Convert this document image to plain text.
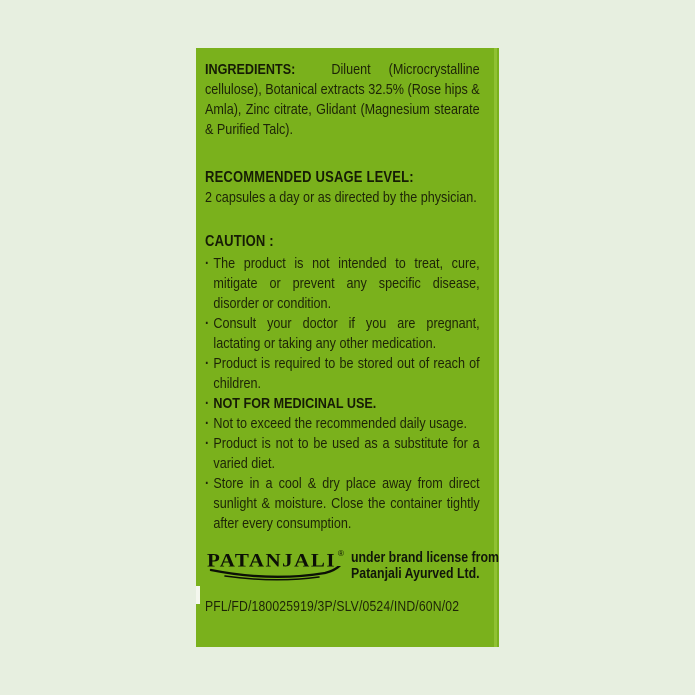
INGREDIENTS: Diluent (Microcrystalline cellulose), Botanical extracts 32.5% (Rose hips & Amla), Zinc citrate, Glidant (Magnesium stearate & Purified Talc).

RECOMMENDED USAGE LEVEL:
2 capsules a day or as directed by the physician.
CAUTION :
· The product is not intended to treat, cure, mitigate or prevent any specific disease, disorder or condition.
· Consult your doctor if you are pregnant, lactating or taking any other medication.
· Product is required to be stored out of reach of children.
· NOT FOR MEDICINAL USE.
· Not to exceed the recommended daily usage.
· Product is not to be used as a substitute for a varied diet.
· Store in a cool & dry place away from direct sunlight & moisture. Close the container tightly after every consumption.
PATANJALI ® under brand license from
Patanjali Ayurved Ltd.
PFL/FD/180025919/3P/SLV/0524/IND/60N/02
